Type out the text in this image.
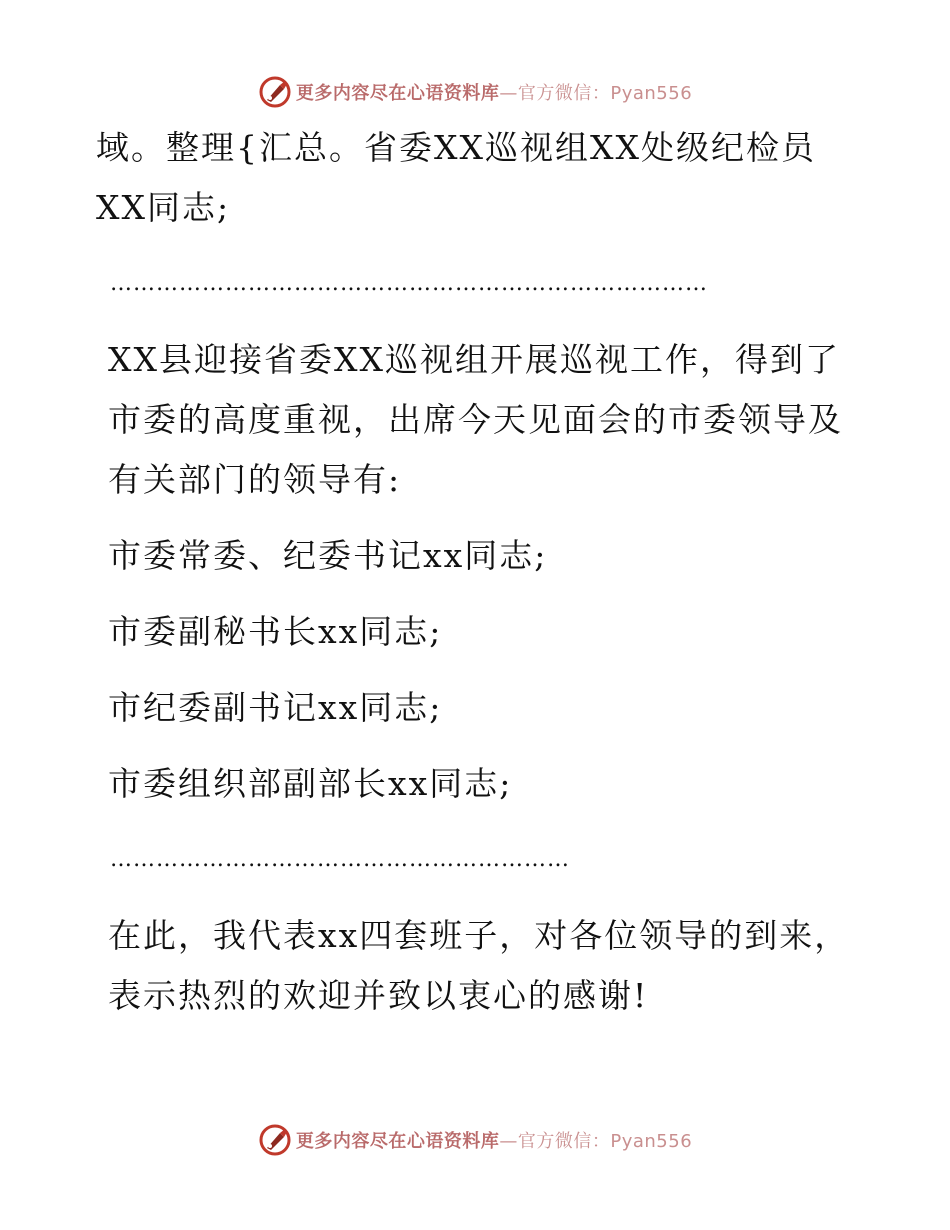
更多内容尽在心语资料库—官方微信：Pyan556

域。整理{汇总。省委XX巡视组XX处级纪检员XX同志;

……………………………………………………………………

XX县迎接省委XX巡视组开展巡视工作，得到了市委的高度重视，出席今天见面会的市委领导及有关部门的领导有:

市委常委、纪委书记xx同志;

市委副秘书长xx同志;

市纪委副书记xx同志;

市委组织部副部长xx同志;

……………………………………………………

在此，我代表xx四套班子，对各位领导的到来，表示热烈的欢迎并致以衷心的感谢!

更多内容尽在心语资料库—官方微信：Pyan556
